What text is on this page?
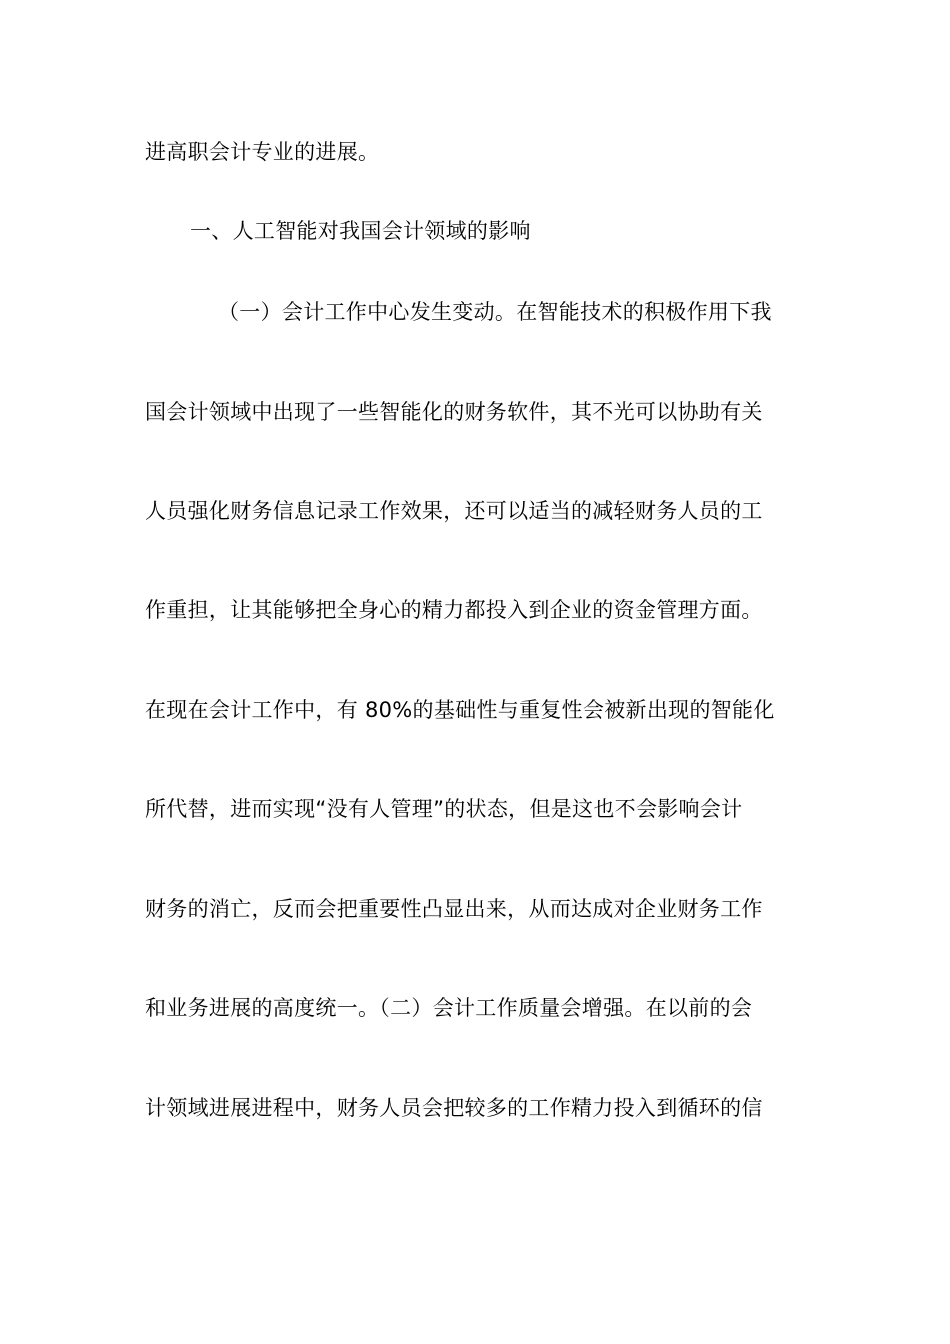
进高职会计专业的进展。
一、人工智能对我国会计领域的影响
（一）会计工作中心发生变动。在智能技术的积极作用下我
国会计领域中出现了一些智能化的财务软件，其不光可以协助有关
人员强化财务信息记录工作效果，还可以适当的减轻财务人员的工
作重担，让其能够把全身心的精力都投入到企业的资金管理方面。
在现在会计工作中，有 80%的基础性与重复性会被新出现的智能化
所代替，进而实现“没有人管理”的状态，但是这也不会影响会计
财务的消亡，反而会把重要性凸显出来，从而达成对企业财务工作
和业务进展的高度统一。（二）会计工作质量会增强。在以前的会
计领域进展进程中，财务人员会把较多的工作精力投入到循环的信
